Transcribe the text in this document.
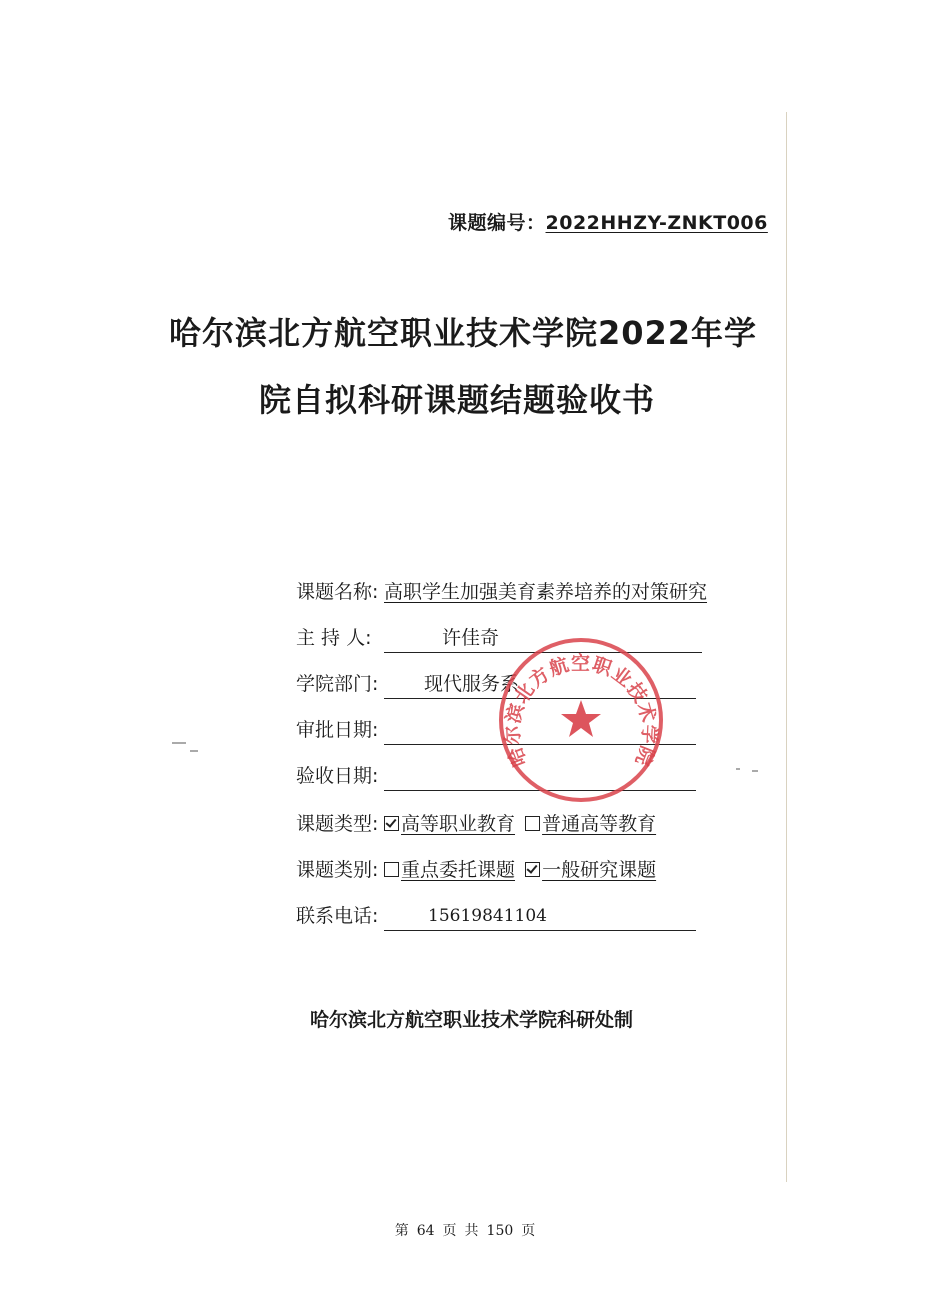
课题编号：2022HHZY-ZNKT006
哈尔滨北方航空职业技术学院2022年学
院自拟科研课题结题验收书
课题名称: 高职学生加强美育素养培养的对策研究
主 持 人:	许佳奇
学院部门: 现代服务系
审批日期:
验收日期:
课题类型:	高等职业教育 普通高等教育
课题类别:	重点委托课题 一般研究课题
联系电话:	15619841104
哈尔滨北方航空职业技术学院
哈尔滨北方航空职业技术学院科研处制
第 64 页 共 150 页
